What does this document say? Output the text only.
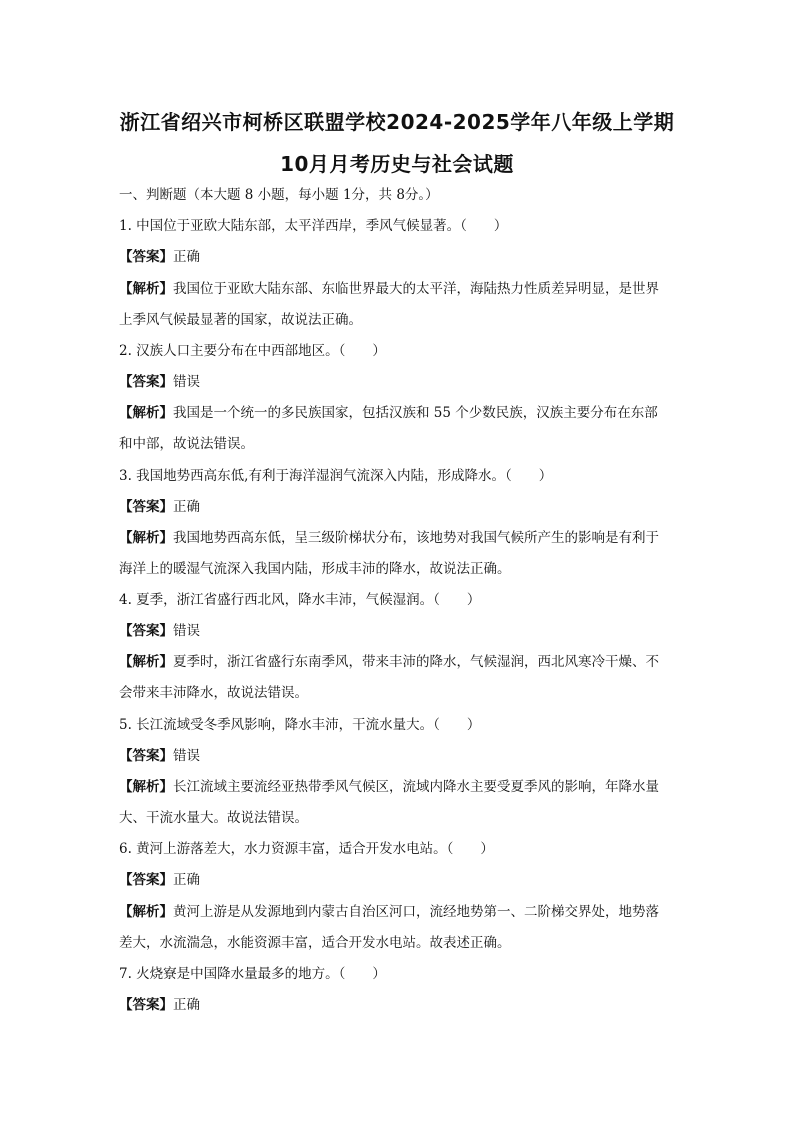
浙江省绍兴市柯桥区联盟学校2024-2025学年八年级上学期
10月月考历史与社会试题
一、判断题（本大题 8 小题，每小题 1分，共 8分。）
1. 中国位于亚欧大陆东部，太平洋西岸，季风气候显著。（　　）
【答案】正确
【解析】我国位于亚欧大陆东部、东临世界最大的太平洋，海陆热力性质差异明显，是世界
上季风气候最显著的国家，故说法正确。
2. 汉族人口主要分布在中西部地区。（　　）
【答案】错误
【解析】我国是一个统一的多民族国家，包括汉族和 55 个少数民族，汉族主要分布在东部
和中部，故说法错误。
3. 我国地势西高东低,有利于海洋湿润气流深入内陆，形成降水。（　　）
【答案】正确
【解析】我国地势西高东低，呈三级阶梯状分布，该地势对我国气候所产生的影响是有利于
海洋上的暖湿气流深入我国内陆，形成丰沛的降水，故说法正确。
4. 夏季，浙江省盛行西北风，降水丰沛，气候湿润。（　　）
【答案】错误
【解析】夏季时，浙江省盛行东南季风，带来丰沛的降水，气候湿润，西北风寒冷干燥、不
会带来丰沛降水，故说法错误。
5. 长江流域受冬季风影响，降水丰沛，干流水量大。（　　）
【答案】错误
【解析】长江流域主要流经亚热带季风气候区，流域内降水主要受夏季风的影响，年降水量
大、干流水量大。故说法错误。
6. 黄河上游落差大，水力资源丰富，适合开发水电站。（　　）
【答案】正确
【解析】黄河上游是从发源地到内蒙古自治区河口，流经地势第一、二阶梯交界处，地势落
差大，水流湍急，水能资源丰富，适合开发水电站。故表述正确。
7. 火烧寮是中国降水量最多的地方。（　　）
【答案】正确
